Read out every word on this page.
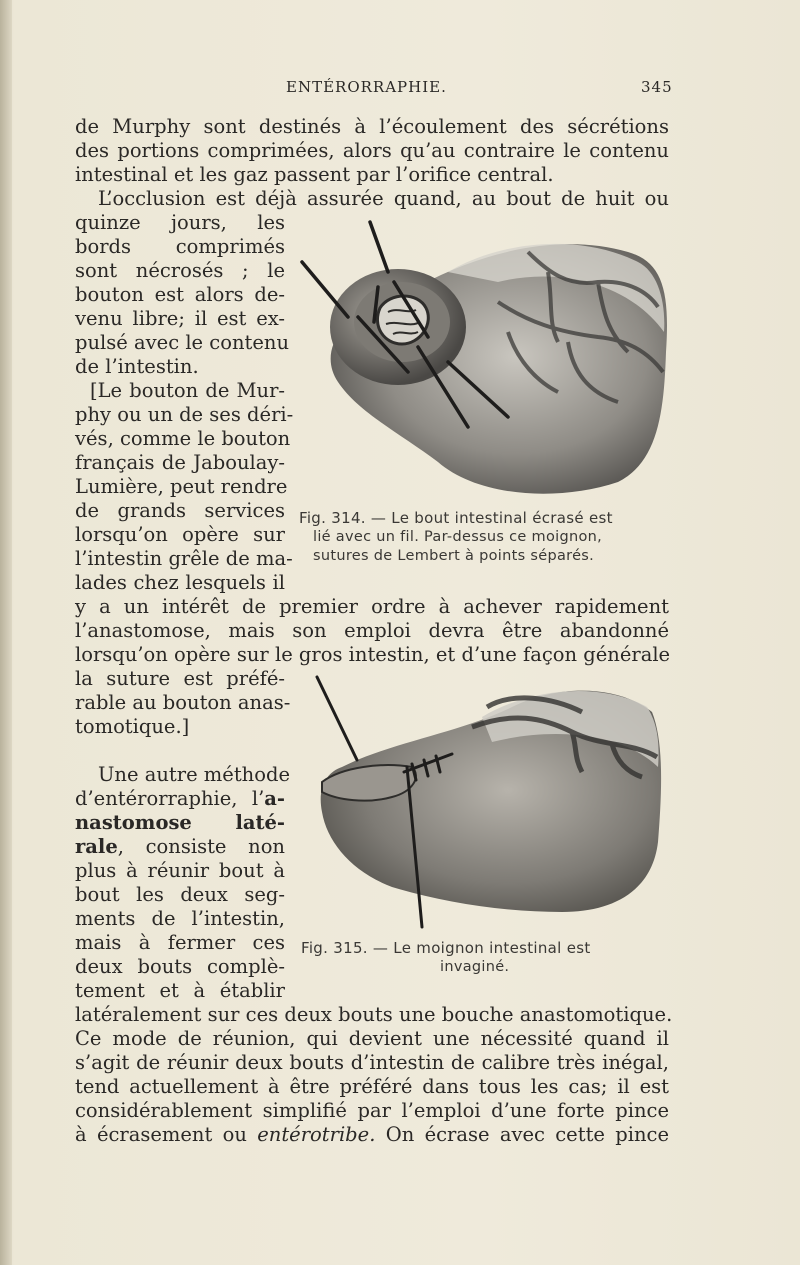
ENTÉRORRAPHIE.	345
de Murphy sont destinés à l’écoulement des sécrétions
des portions comprimées, alors qu’au contraire le contenu
intestinal et les gaz passent par l’orifice central.
L’occlusion est déjà assurée quand, au bout de huit ou
quinze jours, les
bords comprimés
sont nécrosés ; le
bouton est alors de-
venu libre; il est ex-
pulsé avec le contenu
de l’intestin.
[Le bouton de Mur-
phy ou un de ses déri-
vés, comme le bouton
français de Jaboulay-
Lumière, peut rendre
de grands services
lorsqu’on opère sur
l’intestin grêle de ma-
lades chez lesquels il
Fig. 314. — Le bout intestinal écrasé est
lié avec un fil. Par-dessus ce moignon,
sutures de Lembert à points séparés.
y a un intérêt de premier ordre à achever rapidement
l’anastomose, mais son emploi devra être abandonné
lorsqu’on opère sur le gros intestin, et d’une façon générale
la suture est préfé-
rable au bouton anas-
tomotique.]
Une autre méthode
d’entérorraphie, l’a-
nastomose laté-
rale, consiste non
plus à réunir bout à
bout les deux seg-
ments de l’intestin,
mais à fermer ces
deux bouts complè-
tement et à établir
Fig. 315. — Le moignon intestinal est
invaginé.
latéralement sur ces deux bouts une bouche anastomotique.
Ce mode de réunion, qui devient une nécessité quand il
s’agit de réunir deux bouts d’intestin de calibre très inégal,
tend actuellement à être préféré dans tous les cas; il est
considérablement simplifié par l’emploi d’une forte pince
à écrasement ou entérotribe. On écrase avec cette pince
